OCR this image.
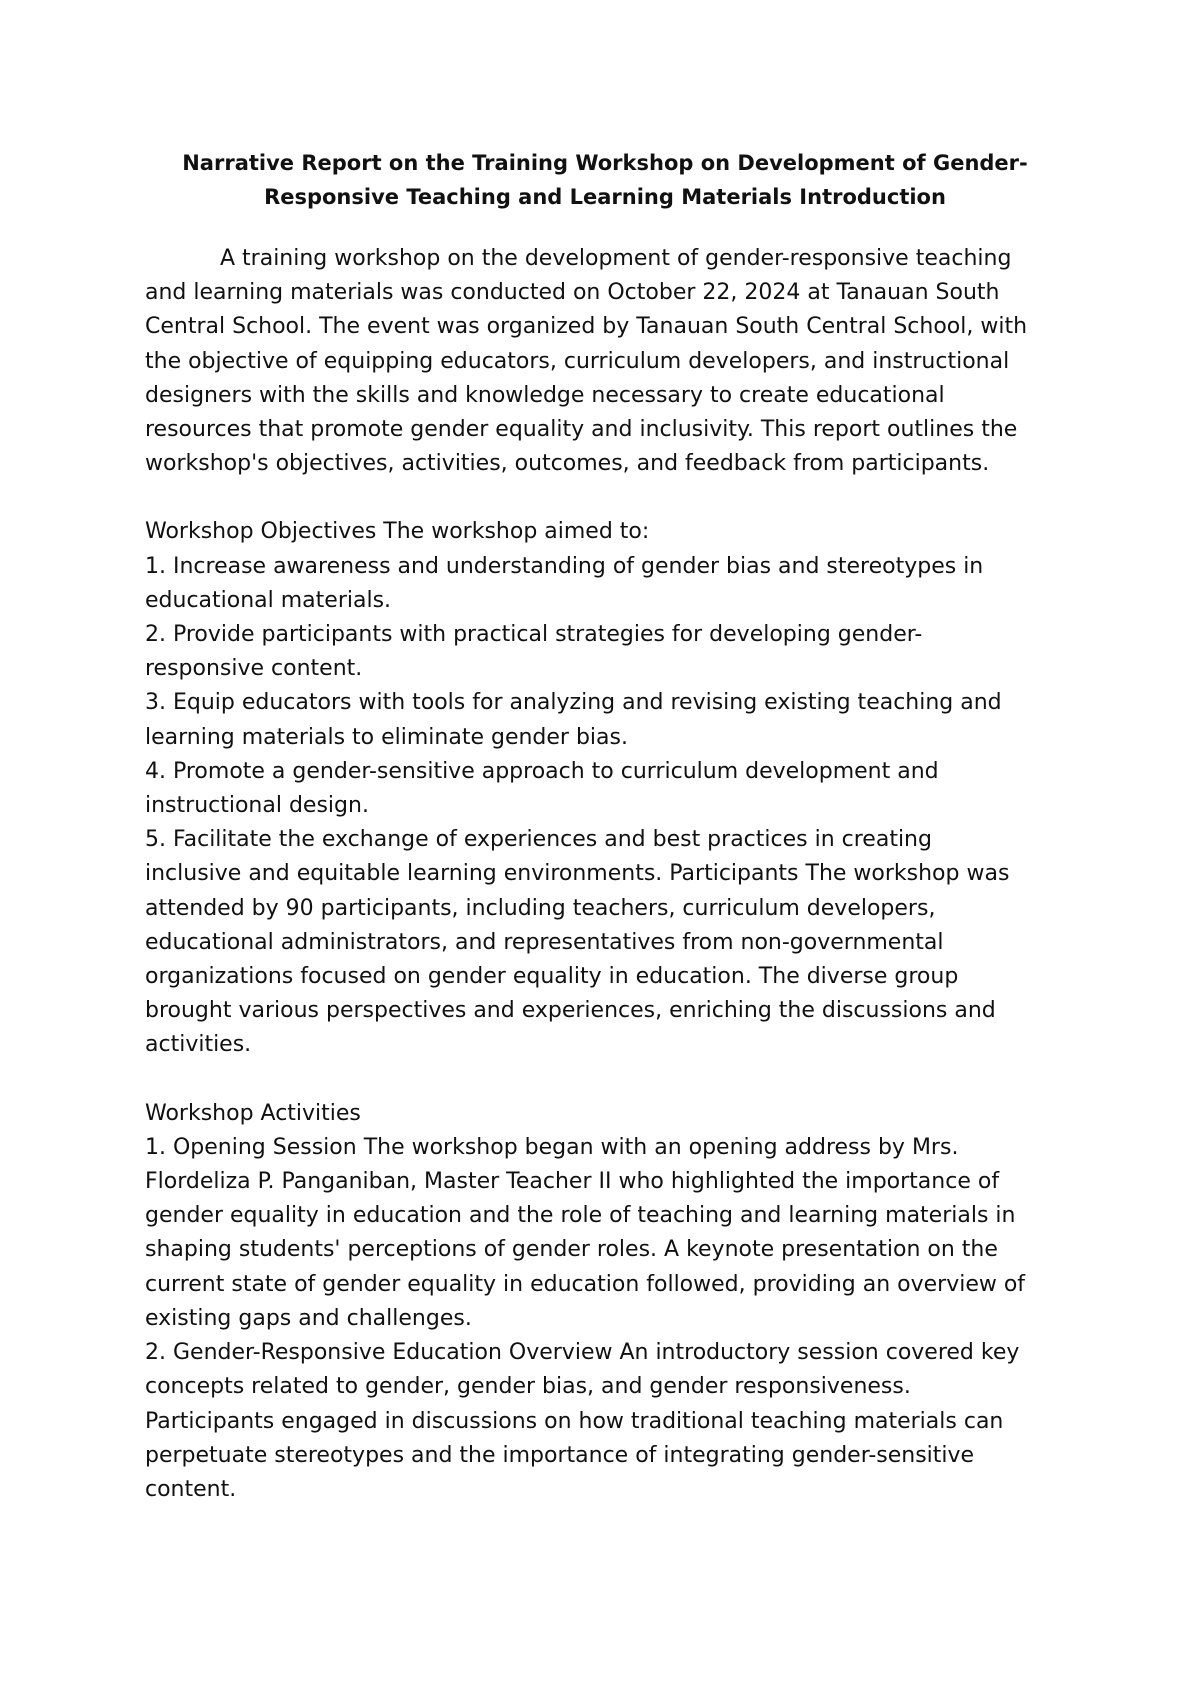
Narrative Report on the Training Workshop on Development of Gender-
Responsive Teaching and Learning Materials Introduction

A training workshop on the development of gender-responsive teaching
and learning materials was conducted on October 22, 2024 at Tanauan South
Central School. The event was organized by Tanauan South Central School, with
the objective of equipping educators, curriculum developers, and instructional
designers with the skills and knowledge necessary to create educational
resources that promote gender equality and inclusivity. This report outlines the
workshop's objectives, activities, outcomes, and feedback from participants.

Workshop Objectives The workshop aimed to:
1. Increase awareness and understanding of gender bias and stereotypes in
educational materials.
2. Provide participants with practical strategies for developing gender-
responsive content.
3. Equip educators with tools for analyzing and revising existing teaching and
learning materials to eliminate gender bias.
4. Promote a gender-sensitive approach to curriculum development and
instructional design.
5. Facilitate the exchange of experiences and best practices in creating
inclusive and equitable learning environments. Participants The workshop was
attended by 90 participants, including teachers, curriculum developers,
educational administrators, and representatives from non-governmental
organizations focused on gender equality in education. The diverse group
brought various perspectives and experiences, enriching the discussions and
activities.

Workshop Activities
1. Opening Session The workshop began with an opening address by Mrs.
Flordeliza P. Panganiban, Master Teacher II who highlighted the importance of
gender equality in education and the role of teaching and learning materials in
shaping students' perceptions of gender roles. A keynote presentation on the
current state of gender equality in education followed, providing an overview of
existing gaps and challenges.
2. Gender-Responsive Education Overview An introductory session covered key
concepts related to gender, gender bias, and gender responsiveness.
Participants engaged in discussions on how traditional teaching materials can
perpetuate stereotypes and the importance of integrating gender-sensitive
content.
